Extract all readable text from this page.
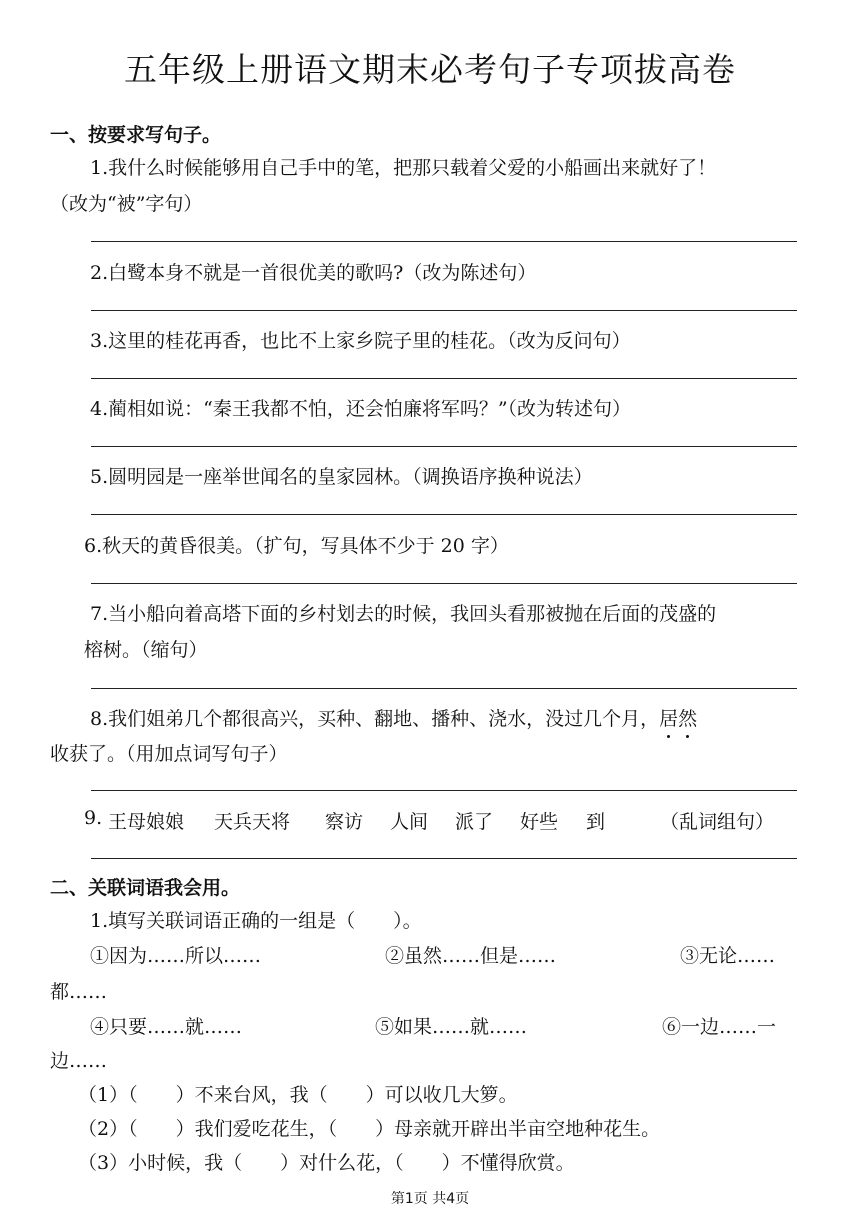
五年级上册语文期末必考句子专项拔高卷
一、按要求写句子。
1.我什么时候能够用自己手中的笔，把那只载着父爱的小船画出来就好了！
（改为“被”字句）
2.白鹭本身不就是一首很优美的歌吗?（改为陈述句）
3.这里的桂花再香，也比不上家乡院子里的桂花。（改为反问句）
4.蔺相如说：“秦王我都不怕，还会怕廉将军吗？”（改为转述句）
5.圆明园是一座举世闻名的皇家园林。（调换语序换种说法）
6.秋天的黄昏很美。（扩句，写具体不少于 20 字）
7.当小船向着高塔下面的乡村划去的时候，我回头看那被抛在后面的茂盛的
榕树。（缩句）
8.我们姐弟几个都很高兴，买种、翻地、播种、浇水，没过几个月，居然
收获了。（用加点词写句子）
9. 王母娘娘 天兵天将 察访 人间 派了 好些 到	（乱词组句）
二、关联词语我会用。
1.填写关联词语正确的一组是（　　）。
①因为……所以……	②虽然……但是……	③无论……
都……
④只要……就……	⑤如果……就……	⑥一边……一
边……
（1）（　　）不来台风，我（　　）可以收几大箩。
（2）（　　）我们爱吃花生，（　　）母亲就开辟出半亩空地种花生。
（3）小时候，我（　　）对什么花，（　　）不懂得欣赏。
第1页 共4页
